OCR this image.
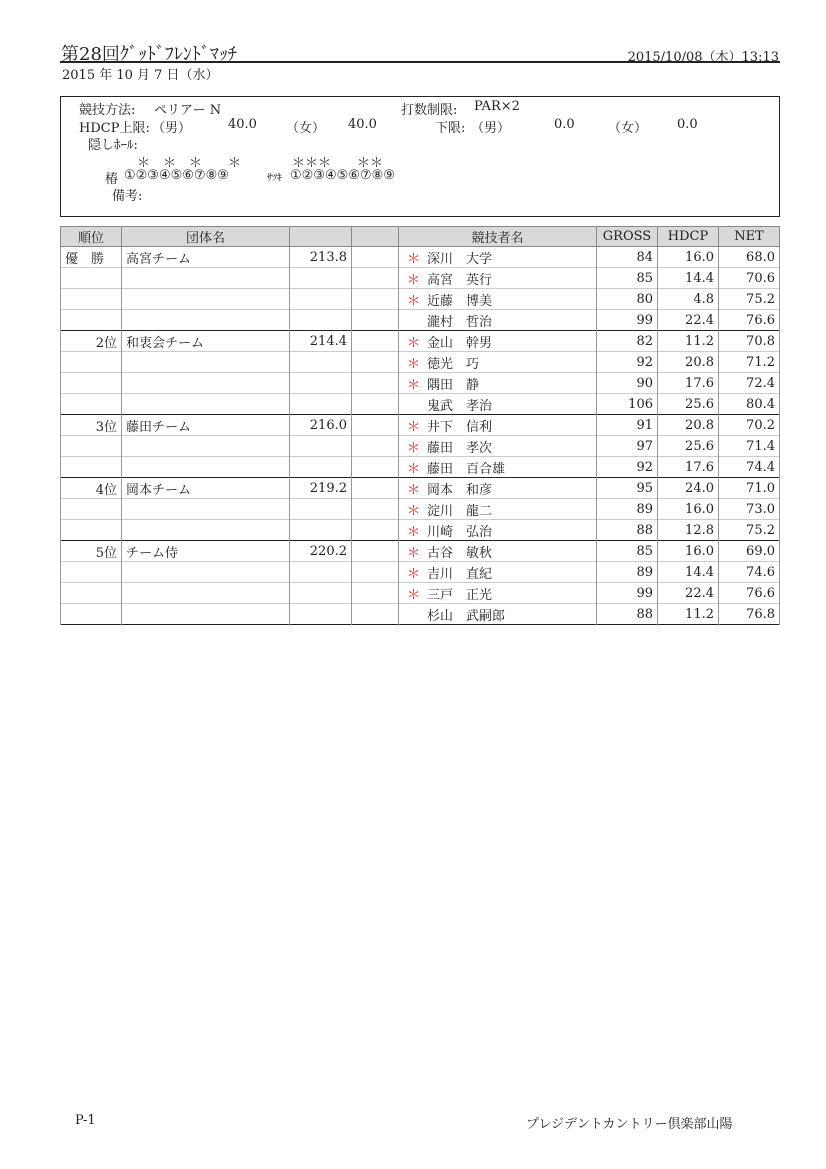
第28回ｸﾞｯﾄﾞﾌﾚﾝﾄﾞﾏｯﾁ	2015/10/08（木）13:13
2015 年 10 月 7 日（水）
競技方法: ペリアー N	打数制限: PAR×2
HDCP上限: （男）	40.0 （女） 40.0	下限: （男）	0.0	（女） 0.0
隠しﾎｰﾙ:
＊　＊　＊　　＊	＊＊＊　　＊＊
椿 ①②③④⑤⑥⑦⑧⑨	ｻﾂｷ ①②③④⑤⑥⑦⑧⑨
備考:
順位	団体名			競技者名	GROSS	HDCP	NET
優　勝	高宮チーム	213.8		＊ 深川　大学	84	16.0	68.0
				＊ 高宮　英行	85	14.4	70.6
				＊ 近藤　博美	80	4.8	75.2
				瀧村　哲治	99	22.4	76.6
2位	和衷会チーム	214.4		＊ 金山　幹男	82	11.2	70.8
				＊ 徳光　巧	92	20.8	71.2
				＊ 隅田　静	90	17.6	72.4
				鬼武　孝治	106	25.6	80.4
3位	藤田チーム	216.0		＊ 井下　信利	91	20.8	70.2
				＊ 藤田　孝次	97	25.6	71.4
				＊ 藤田　百合雄	92	17.6	74.4
4位	岡本チーム	219.2		＊ 岡本　和彦	95	24.0	71.0
				＊ 淀川　龍二	89	16.0	73.0
				＊ 川崎　弘治	88	12.8	75.2
5位	チーム侍	220.2		＊ 古谷　敏秋	85	16.0	69.0
				＊ 吉川　直紀	89	14.4	74.6
				＊ 三戸　正光	99	22.4	76.6
				杉山　武嗣郎	88	11.2	76.8
P-1	プレジデントカントリー倶楽部山陽
